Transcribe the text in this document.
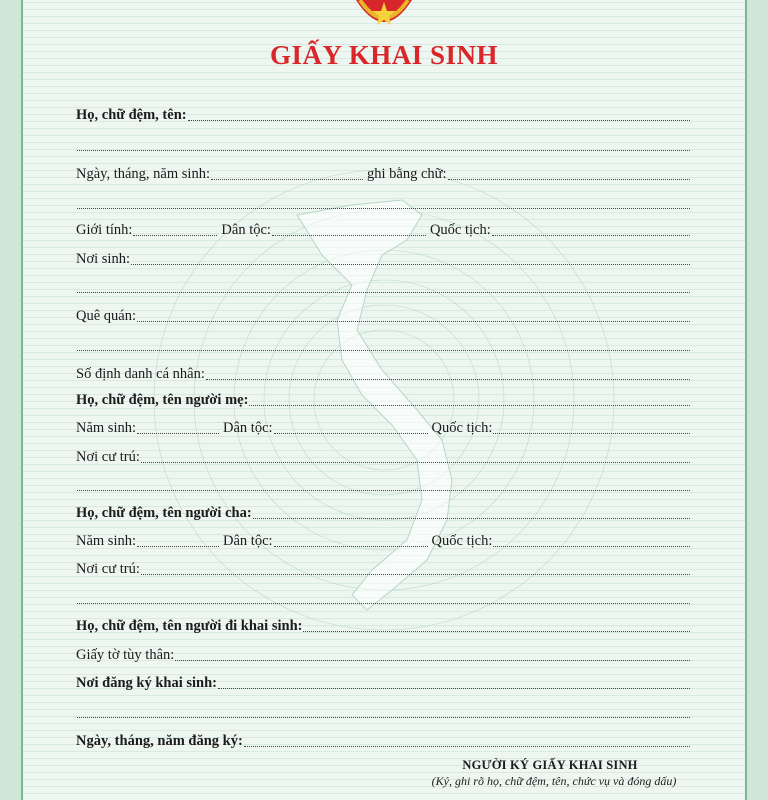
GIẤY KHAI SINH
Họ, chữ đệm, tên:
Ngày, tháng, năm sinh:	ghi bằng chữ:
Giới tính:	Dân tộc:	Quốc tịch:
Nơi sinh:
Quê quán:
Số định danh cá nhân:
Họ, chữ đệm, tên người mẹ:
Năm sinh:	Dân tộc:	Quốc tịch:
Nơi cư trú:
Họ, chữ đệm, tên người cha:
Năm sinh:	Dân tộc:	Quốc tịch:
Nơi cư trú:
Họ, chữ đệm, tên người đi khai sinh:
Giấy tờ tùy thân:
Nơi đăng ký khai sinh:
Ngày, tháng, năm đăng ký:
NGƯỜI KÝ GIẤY KHAI SINH
(Ký, ghi rõ họ, chữ đệm, tên, chức vụ và đóng dấu)
